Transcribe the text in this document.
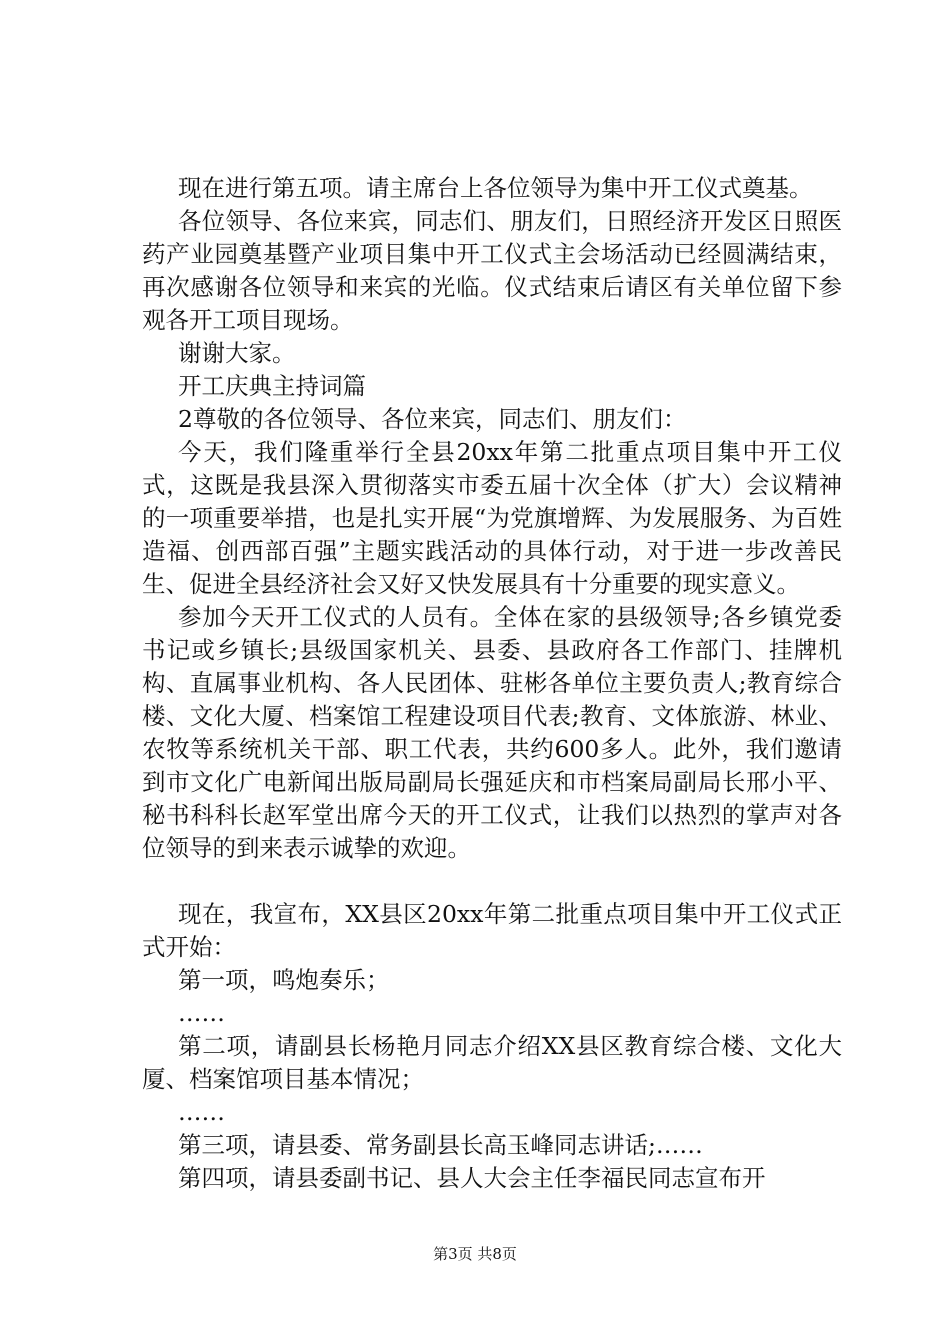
现在进行第五项。请主席台上各位领导为集中开工仪式奠基。

各位领导、各位来宾，同志们、朋友们，日照经济开发区日照医药产业园奠基暨产业项目集中开工仪式主会场活动已经圆满结束，再次感谢各位领导和来宾的光临。仪式结束后请区有关单位留下参观各开工项目现场。

谢谢大家。

开工庆典主持词篇

2尊敬的各位领导、各位来宾，同志们、朋友们：

今天，我们隆重举行全县20xx年第二批重点项目集中开工仪式，这既是我县深入贯彻落实市委五届十次全体（扩大）会议精神的一项重要举措，也是扎实开展“为党旗增辉、为发展服务、为百姓造福、创西部百强”主题实践活动的具体行动，对于进一步改善民生、促进全县经济社会又好又快发展具有十分重要的现实意义。

参加今天开工仪式的人员有。全体在家的县级领导;各乡镇党委书记或乡镇长;县级国家机关、县委、县政府各工作部门、挂牌机构、直属事业机构、各人民团体、驻彬各单位主要负责人;教育综合楼、文化大厦、档案馆工程建设项目代表;教育、文体旅游、林业、农牧等系统机关干部、职工代表，共约600多人。此外，我们邀请到市文化广电新闻出版局副局长强延庆和市档案局副局长邢小平、秘书科科长赵军堂出席今天的开工仪式，让我们以热烈的掌声对各位领导的到来表示诚挚的欢迎。

现在，我宣布，XX县区20xx年第二批重点项目集中开工仪式正式开始：

第一项，鸣炮奏乐；

……

第二项，请副县长杨艳月同志介绍XX县区教育综合楼、文化大厦、档案馆项目基本情况；

……

第三项，请县委、常务副县长高玉峰同志讲话;……

第四项，请县委副书记、县人大会主任李福民同志宣布开

第3页 共8页
